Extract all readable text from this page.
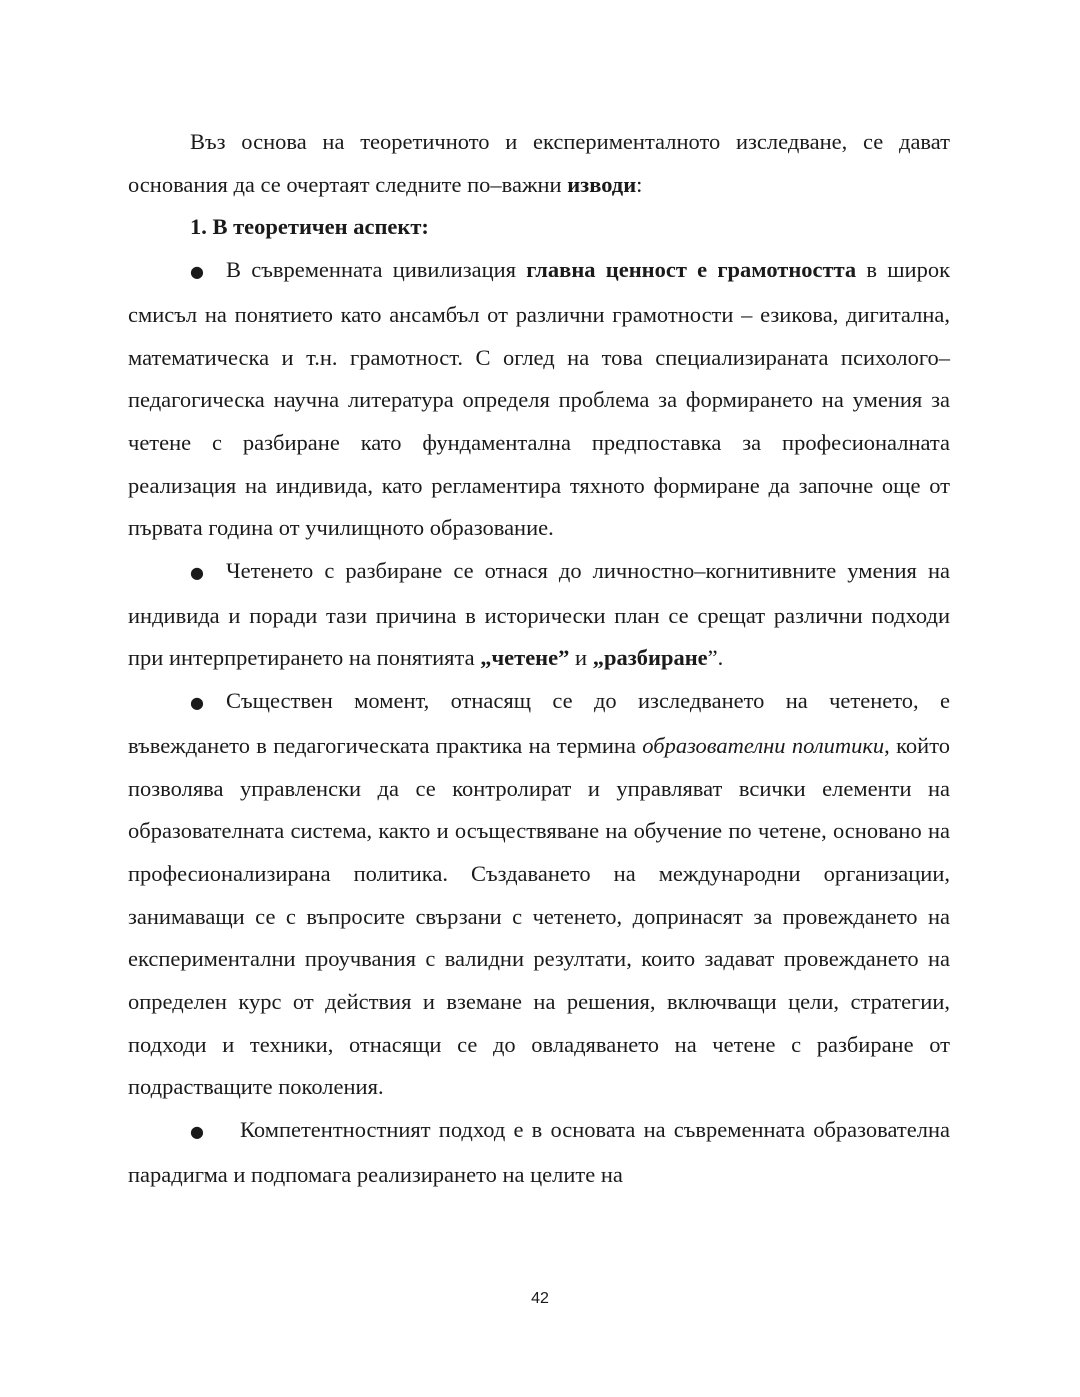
Въз основа на теоретичното и експерименталното изследване, се дават основания да се очертаят следните по–важни изводи:

1. В теоретичен аспект:

● В съвременната цивилизация главна ценност е грамотността в широк смисъл на понятието като ансамбъл от различни грамотности – езикова, дигитална, математическа и т.н. грамотност. С оглед на това специализираната психолого–педагогическа научна литература определя проблема за формирането на умения за четене с разбиране като фундаментална предпоставка за професионалната реализация на индивида, като регламентира тяхното формиране да започне още от първата година от училищното образование.

● Четенето с разбиране се отнася до личностно–когнитивните умения на индивида и поради тази причина в исторически план се срещат различни подходи при интерпретирането на понятията „четене” и „разбиране”.

● Съществен момент, отнасящ се до изследването на четенето, е въвеждането в педагогическата практика на термина образователни политики, който позволява управленски да се контролират и управляват всички елементи на образователната система, както и осъществяване на обучение по четене, основано на професионализирана политика. Създаването на международни организации, занимаващи се с въпросите свързани с четенето, допринасят за провеждането на експериментални проучвания с валидни резултати, които задават провеждането на определен курс от действия и вземане на решения, включващи цели, стратегии, подходи и техники, отнасящи се до овладяването на четене с разбиране от подрастващите поколения.

● Компетентностният подход е в основата на съвременната образователна парадигма и подпомага реализирането на целите на

42
